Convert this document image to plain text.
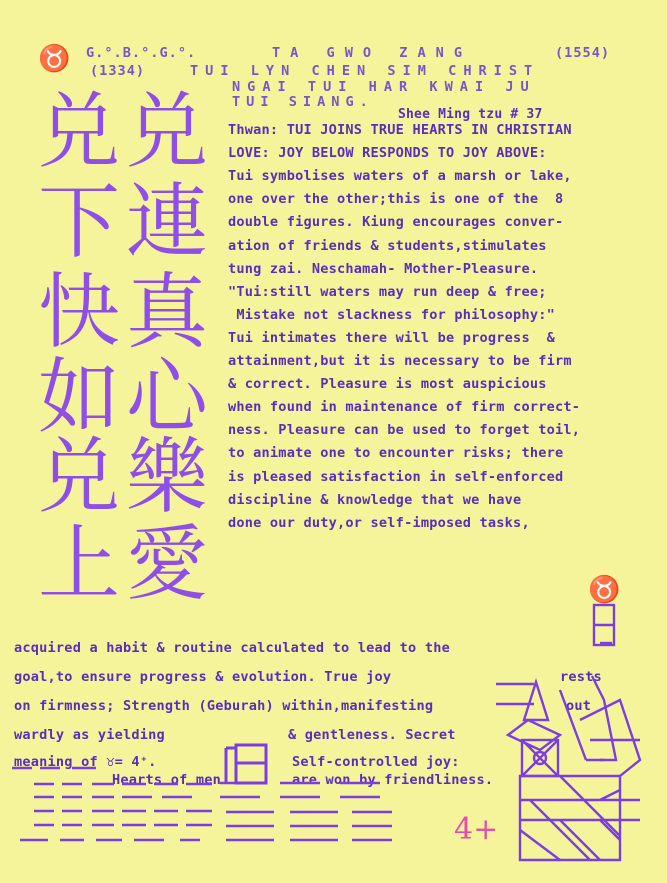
♉ G.°.B.°.G.°.	TA GWO ZANG	(1554)
(1334)	TUI LYN CHEN SIM CHRIST
NGAI TUI HAR KWAI JU
TUI SIANG.
Shee Ming tzu # 37
兑
下
快
如
兑
上
兑
連
真
心
樂
愛
Thwan: TUI JOINS TRUE HEARTS IN CHRISTIAN
LOVE: JOY BELOW RESPONDS TO JOY ABOVE:
Tui symbolises waters of a marsh or lake,
one over the other;this is one of the  8
double figures. Kiung encourages conver-
ation of friends & students,stimulates
tung zai. Neschamah- Mother-Pleasure.
"Tui:still waters may run deep & free;
Mistake not slackness for philosophy:"
Tui intimates there will be progress  &
attainment,but it is necessary to be firm
& correct. Pleasure is most auspicious
when found in maintenance of firm correct-
ness. Pleasure can be used to forget toil,
to animate one to encounter risks; there
is pleased satisfaction in self-enforced
discipline & knowledge that we have
done our duty,or self-imposed tasks,
acquired a habit & routine calculated to lead to the
goal,to ensure progress & evolution. True joy
on firmness; Strength (Geburah) within,manifesting
wardly as yielding
meaning of ♉= 4⁺.
Hearts of men
rests
out
& gentleness. Secret
Self-controlled joy:
are won by friendliness.
♉
4+
